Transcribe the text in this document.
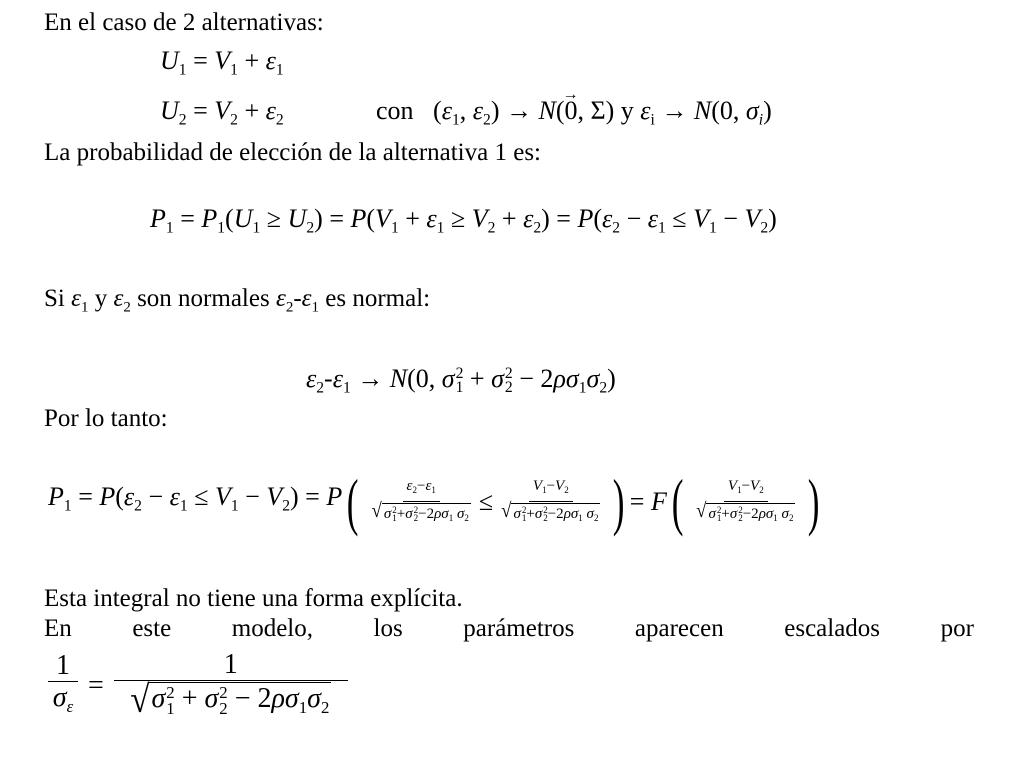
En el caso de 2 alternativas:
$U_1 = V_1 + \varepsilon_1$
$U_2 = V_2 + \varepsilon_2$	con   ($\varepsilon_1$, $\varepsilon_2) \to N(\to 0$, Σ) y $\varepsilon_i \to N(0$, $\sigma_i$)
La probabilidad de elección de la alternativa 1 es:
$P_1 = P_1(U_1 \ge U_2) = P(V_1 + \varepsilon_1 \ge V_2 + \varepsilon_2) = P(\varepsilon_2 - \varepsilon_1 \le V_1 - V_2)$
Si $\varepsilon_1$ y $\varepsilon_2$ son normales $\varepsilon_2-\varepsilon_1$ es normal:
$\varepsilon_2-\varepsilon_1 \to N(0$, σ 2
1 + σ 2
$2 - 2\rho\sigma_1\sigma_2$)
Por lo tanto:
$P_1 = P(\varepsilon_2 - \varepsilon_1 \le V_1 - V_2) = P$ ( $\varepsilon_2-\varepsilon_1$
√ σ 2
1 +σ 2
$2 -2\rho\sigma_1$ $\sigma_2 \le V_1-V_2$
√ σ 2
1 +σ 2
$2 -2\rho\sigma_1$ $\sigma_2$ ) = F ( $V_1-V_2$
√ σ 2
1 +σ 2
$2 -2\rho\sigma_1$ $\sigma_2$ )
Esta integral no tiene una forma explícita.
En este modelo, los parámetros aparecen escalados por
$\frac{1}{\sigma_\varepsilon} = 1$
√ σ 2
1 + σ 2
$2 - 2\rho\sigma_1\sigma_2$
